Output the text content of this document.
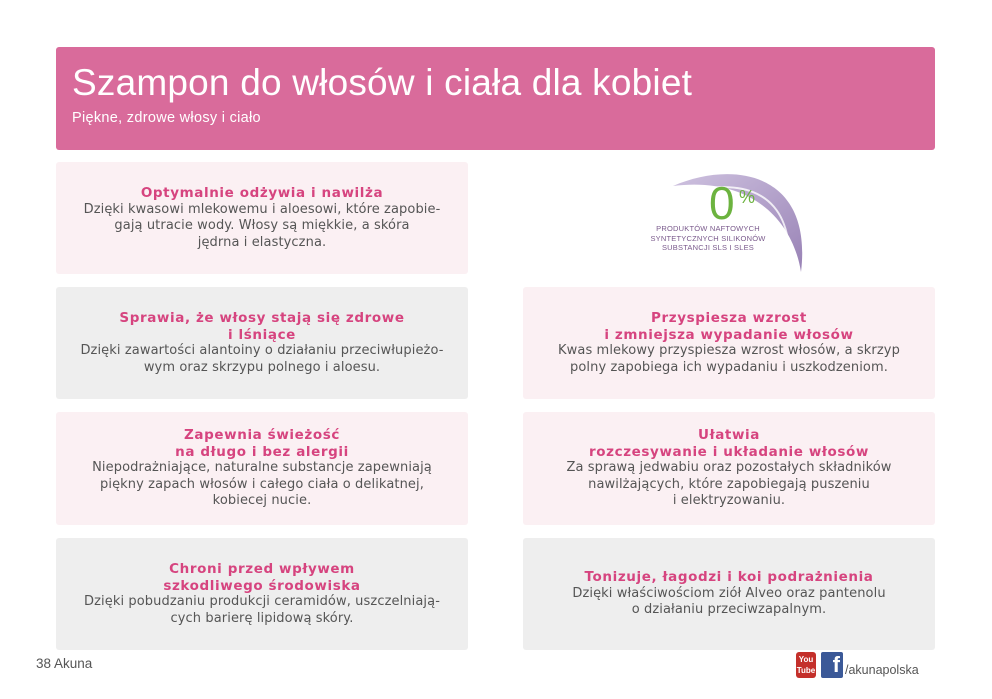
Szampon do włosów i ciała dla kobiet
Piękne, zdrowe włosy i ciało
Optymalnie odżywia i nawilża
Dzięki kwasowi mlekowemu i aloesowi, które zapobie-
gają utracie wody. Włosy są miękkie, a skóra
jędrna i elastyczna.
0 %
PRODUKTÓW NAFTOWYCH
SYNTETYCZNYCH SILIKONÓW
SUBSTANCJI SLS I SLES
Sprawia, że włosy stają się zdrowe
i lśniące
Dzięki zawartości alantoiny o działaniu przeciwłupieżo-
wym oraz skrzypu polnego i aloesu.
Przyspiesza wzrost
i zmniejsza wypadanie włosów
Kwas mlekowy przyspiesza wzrost włosów, a skrzyp
polny zapobiega ich wypadaniu i uszkodzeniom.
Zapewnia świeżość
na długo i bez alergii
Niepodrażniające, naturalne substancje zapewniają
piękny zapach włosów i całego ciała o delikatnej,
kobiecej nucie.
Ułatwia
rozczesywanie i układanie włosów
Za sprawą jedwabiu oraz pozostałych składników
nawilżających, które zapobiegają puszeniu
i elektryzowaniu.
Chroni przed wpływem
szkodliwego środowiska
Dzięki pobudzaniu produkcji ceramidów, uszczelniają-
cych barierę lipidową skóry.
Tonizuje, łagodzi i koi podrażnienia
Dzięki właściwościom ziół Alveo oraz pantenolu
o działaniu przeciwzapalnym.
38 Akuna	You
Tube f /akunapolska
